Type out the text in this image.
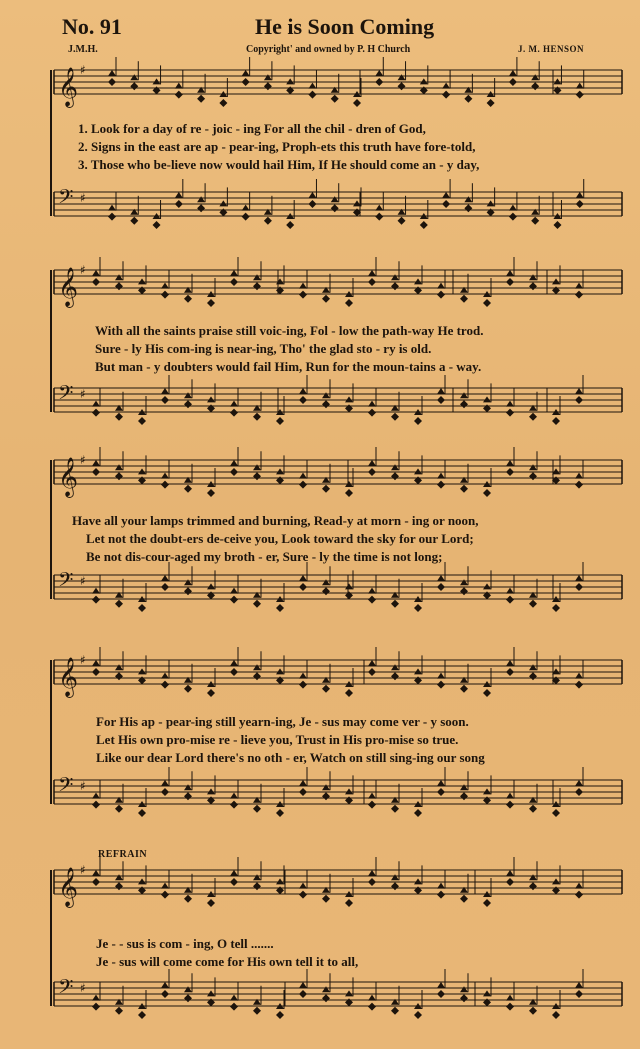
No. 91	He is Soon Coming
J.M.H.	Copyright' and owned by P. H Church	J. M. HENSON
𝄞 ♯
𝄢 ♯
𝄞 ♯
𝄢 ♯
𝄞 ♯
𝄢 ♯
𝄞 ♯
𝄢 ♯
𝄞 ♯
𝄢 ♯
1. Look for a day of re - joic - ing For all the chil - dren of God,
2. Signs in the east are ap - pear-ing, Proph-ets this truth have fore-told,
3. Those who be-lieve now would hail Him, If He should come an - y day,
With all the saints praise still voic-ing, Fol - low the path-way He trod.
Sure - ly His com-ing is near-ing, Tho' the glad sto - ry is old.
But man - y doubters would fail Him, Run for the moun-tains a - way.
Have all your lamps trimmed and burning, Read-y at morn - ing or noon,
Let not the doubt-ers de-ceive you, Look toward the sky for our Lord;
Be not dis-cour-aged my broth - er, Sure - ly the time is not long;
For His ap - pear-ing still yearn-ing, Je - sus may come ver - y soon.
Let His own pro-mise re - lieve you, Trust in His pro-mise so true.
Like our dear Lord there's no oth - er, Watch on still sing-ing our song
REFRAIN
Je - - sus is com - ing, O tell .......
Je - sus will come come for His own tell it to all,
